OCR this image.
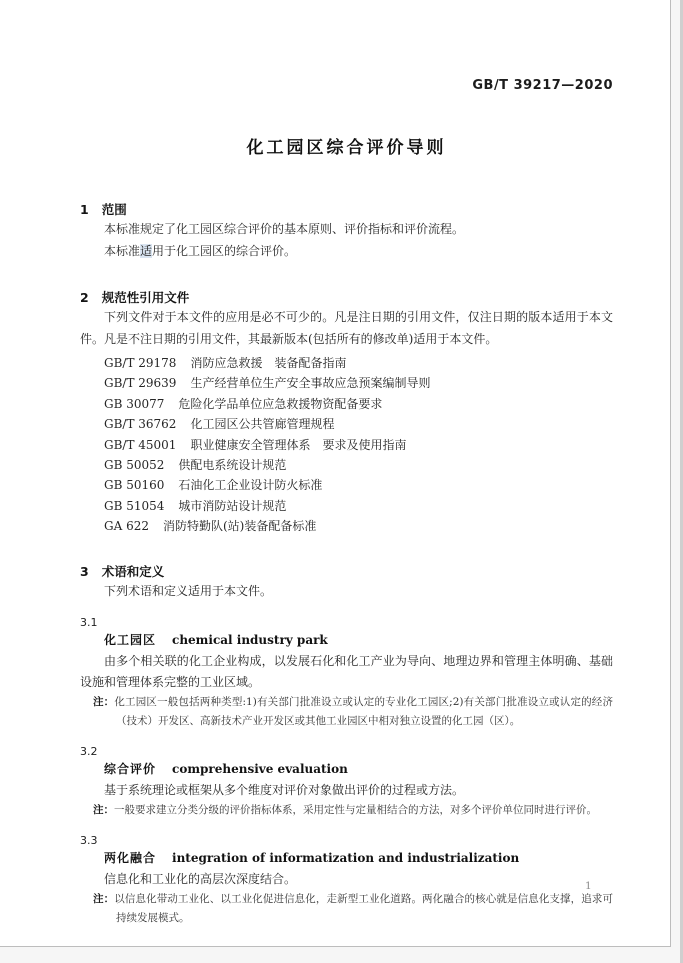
GB/T 39217—2020
化工园区综合评价导则
1 范围

本标准规定了化工园区综合评价的基本原则、评价指标和评价流程。

本标准适用于化工园区的综合评价。

2 规范性引用文件

下列文件对于本文件的应用是必不可少的。凡是注日期的引用文件，仅注日期的版本适用于本文件。凡是不注日期的引用文件，其最新版本(包括所有的修改单)适用于本文件。

GB/T 29178 消防应急救援　装备配备指南
GB/T 29639 生产经营单位生产安全事故应急预案编制导则
GB 30077 危险化学品单位应急救援物资配备要求
GB/T 36762 化工园区公共管廊管理规程
GB/T 45001 职业健康安全管理体系　要求及使用指南
GB 50052 供配电系统设计规范
GB 50160 石油化工企业设计防火标准
GB 51054 城市消防站设计规范
GA 622 消防特勤队(站)装备配备标准
3 术语和定义

下列术语和定义适用于本文件。

3.1
化工园区 chemical industry park

由多个相关联的化工企业构成，以发展石化和化工产业为导向、地理边界和管理主体明确、基础设施和管理体系完整的工业区域。

注：化工园区一般包括两种类型:1)有关部门批准设立或认定的专业化工园区;2)有关部门批准设立或认定的经济（技术）开发区、高新技术产业开发区或其他工业园区中相对独立设置的化工园（区）。
3.2
综合评价 comprehensive evaluation

基于系统理论或框架从多个维度对评价对象做出评价的过程或方法。

注：一般要求建立分类分级的评价指标体系，采用定性与定量相结合的方法，对多个评价单位同时进行评价。
3.3
两化融合 integration of informatization and industrialization

信息化和工业化的高层次深度结合。

注：以信息化带动工业化、以工业化促进信息化，走新型工业化道路。两化融合的核心就是信息化支撑，追求可持续发展模式。
1
